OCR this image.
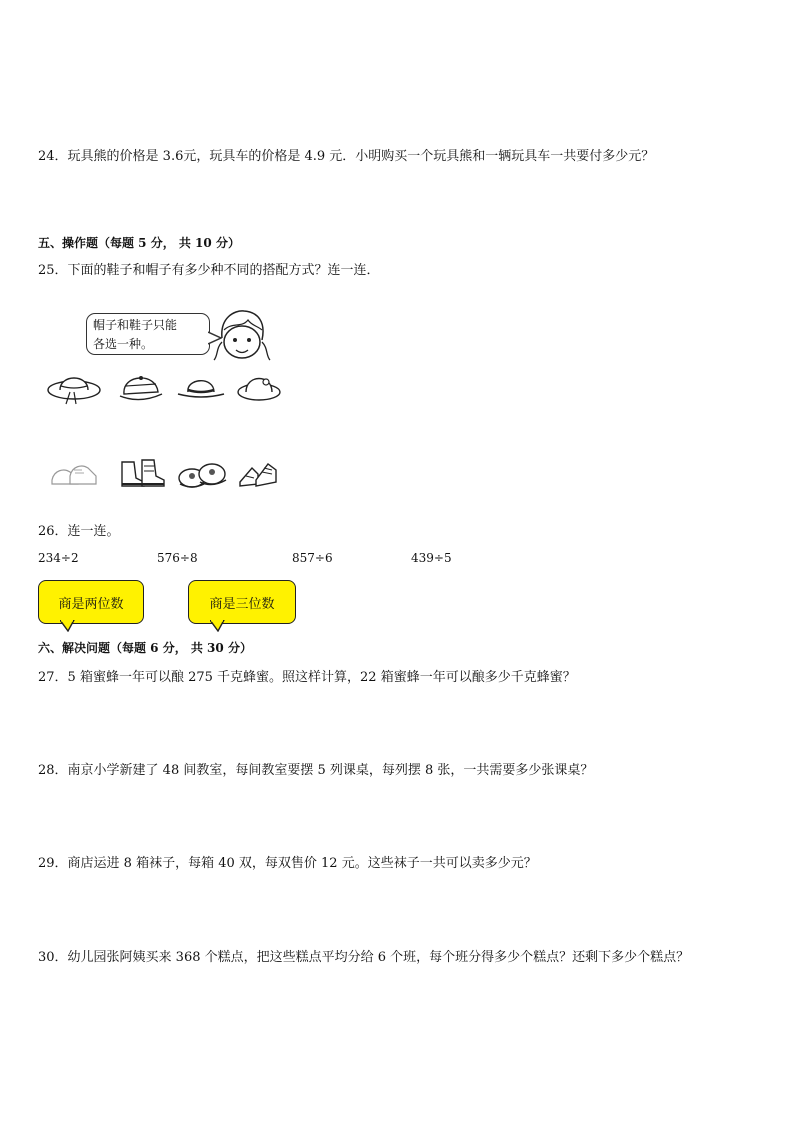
24．玩具熊的价格是 3.6元，玩具车的价格是 4.9 元．小明购买一个玩具熊和一辆玩具车一共要付多少元？
五、操作题（每题 5 分， 共 10 分）
25．下面的鞋子和帽子有多少种不同的搭配方式？连一连．
帽子和鞋子只能
各选一种。
26．连一连。
234÷2	576÷8	857÷6	439÷5
商是两位数	商是三位数
六、解决问题（每题 6 分， 共 30 分）
27．5 箱蜜蜂一年可以酿 275 千克蜂蜜。照这样计算，22 箱蜜蜂一年可以酿多少千克蜂蜜？
28．南京小学新建了 48 间教室，每间教室要摆 5 列课桌，每列摆 8 张，一共需要多少张课桌？
29．商店运进 8 箱袜子，每箱 40 双，每双售价 12 元。这些袜子一共可以卖多少元？
30．幼儿园张阿姨买来 368 个糕点，把这些糕点平均分给 6 个班，每个班分得多少个糕点？还剩下多少个糕点？
